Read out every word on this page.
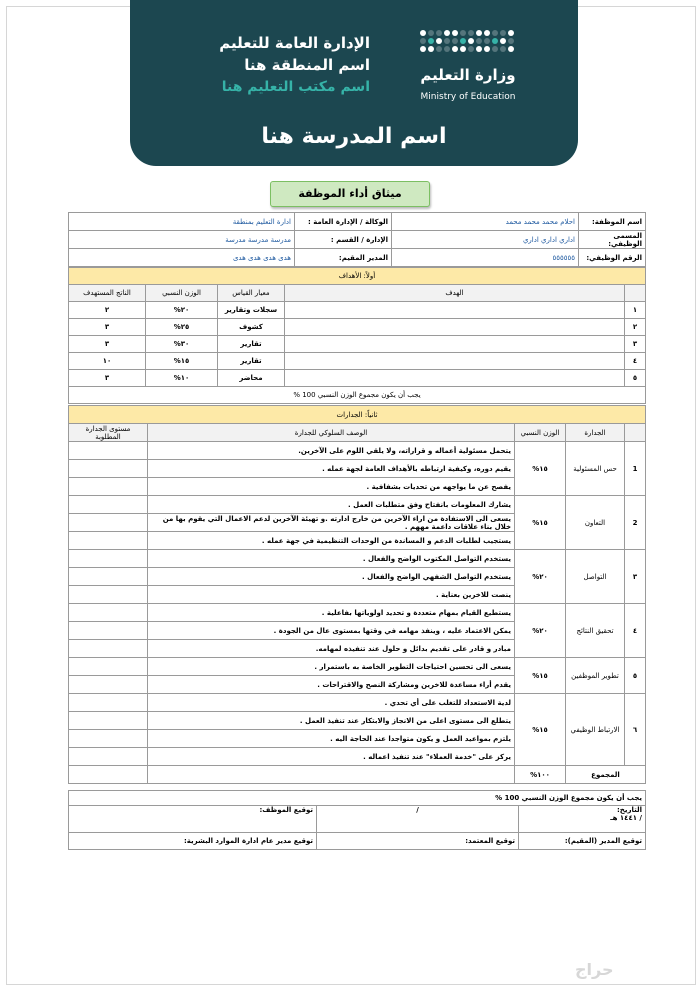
الإدارة العامة للتعليم
اسم المنطقة هنا
اسم مكتب التعليم هنا
وزارة التعليم
Ministry of Education
اسم المدرسة هنا
ميثاق أداء الموظفة
اسم الموظفة:	احلام محمد محمد محمد	الوكالة / الإدارة العامة :	ادارة التعليم بمنطقة
المسمى الوظيفي:	اداري اداري اداري	الإدارة / القسم :	مدرسة مدرسة مدرسة
الرقم الوظيفي:	٥٥٥٥٥٥	المدير المقيم:	هدى هدى هدى هدى
أولاً: الأهداف				
	الهدف	معيار القياس	الوزن النسبي	الناتج المستهدف
١		سجلات وتقارير	٢٠%	٢
٢		كشوف	٢٥%	٣
٣		تقارير	٣٠%	٣
٤		تقارير	١٥%	١٠
٥		محاضر	١٠%	٣
يجب أن يكون مجموع الوزن النسبي 100 %				
ثانياً: الجدارات				
	الجدارة	الوزن النسبي	الوصف السلوكي للجدارة	مستوى الجدارة المطلوبة
1	حس المسئولية	١٥%	يتحمل مسئولية أعماله و قراراته، ولا يلقي اللوم على الآخرين.	
			يقيم دوره، وكيفية ارتباطه بالأهداف العامة لجهة عمله .	
			يفصح عن ما يواجهه من تحديات بشفافية .	
2	التعاون	١٥%	يشارك المعلومات بانفتاح وفق متطلبات العمل .	
			يسعى الى الاستفادة من اراء الآخرين من خارج ادارته .و تهيئة الآخرين لدعم الاعمال التي يقوم بها من خلال بناء علاقات داعمة مههم .	
			يستجيب لطلبات الدعم و المساندة من الوحدات التنظيمية في جهة عمله .	
٣	التواصل	٢٠%	يستخدم التواصل المكتوب الواضح والفعال .	
			يستخدم التواصل الشفهي الواضح والفعال .	
			ينصت للاخرين بعناية .	
٤	تحقيق النتائج	٢٠%	يستطيع القيام بمهام متعددة و تحديد اولوياتها بفاعلية .	
			يمكن الاعتماد عليه ، وينفذ مهامه في وقتها بمستوى عال من الجودة .	
			مبادر و قادر على تقديم بدائل و حلول عند تنفيذه لمهامه.	
٥	تطوير الموظفين	١٥%	يسعى الى تحسين احتياجات التطوير الخاصة به باستمرار .	
			يقدم أراء مساعدة للاخرين ومشاركة النصح والاقتراحات .	
٦	الارتباط الوظيفي	١٥%	لدية الاستعداد للتغلب على أي تحدي .	
			يتطلع الى مستوى اعلى من الانجاز والابتكار عند تنفيذ العمل .	
			يلتزم بمواعيد العمل و يكون متواجدا عند الحاجة اليه .	
			يركز على "خدمة العملاء" عند تنفيذ اعماله .	
المجموع		١٠٠%		
يجب أن يكون مجموع الوزن النسبي 100 %		

التاريخ:
/ ١٤٤١ هـ	/	توقيع الموظف:
توقيع المدير (المقيم):	توقيع المعتمد:	توقيع مدير عام ادارة الموارد البشرية:
حراج
